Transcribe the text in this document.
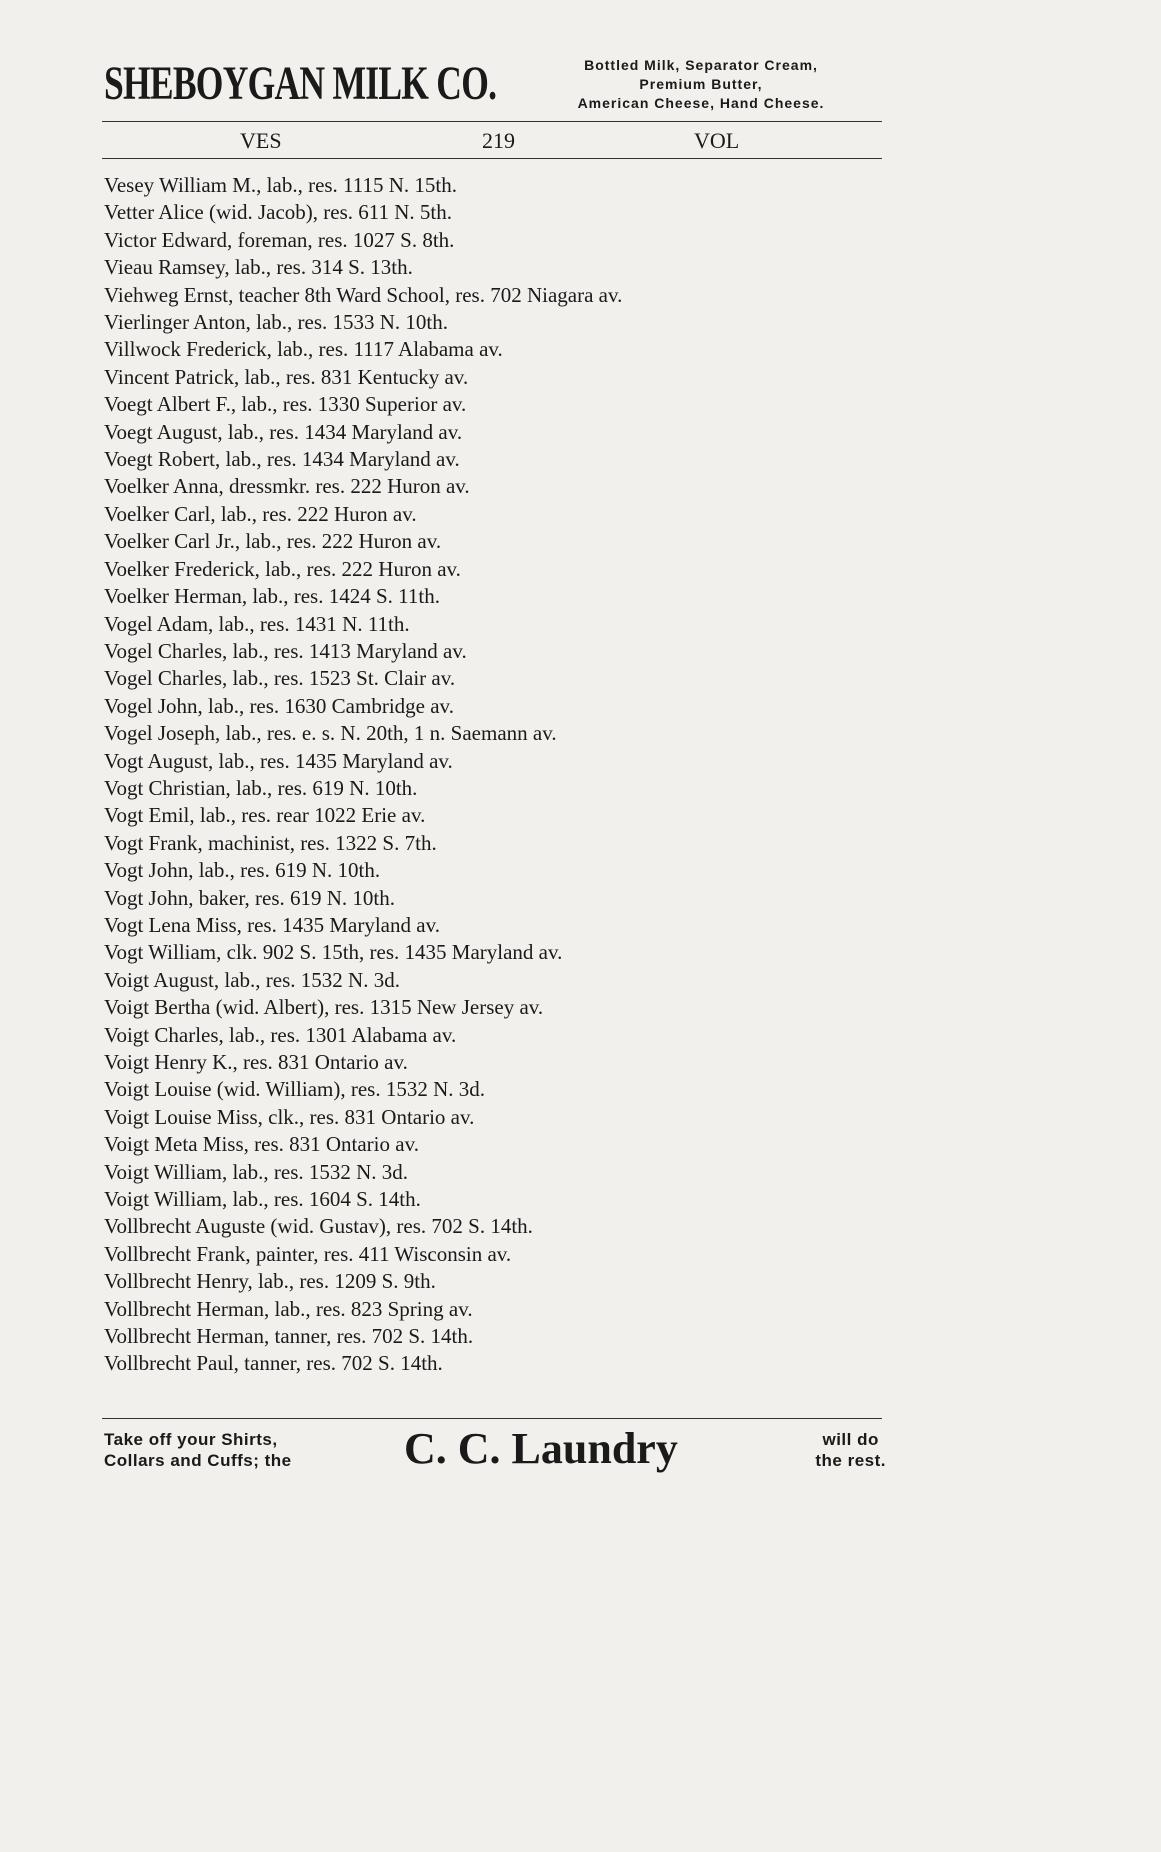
SHEBOYGAN MILK CO.	Bottled Milk, Separator Cream,
Premium Butter,
American Cheese, Hand Cheese.
VES	219	VOL
Vesey William M., lab., res. 1115 N. 15th.
Vetter Alice (wid. Jacob), res. 611 N. 5th.
Victor Edward, foreman, res. 1027 S. 8th.
Vieau Ramsey, lab., res. 314 S. 13th.
Viehweg Ernst, teacher 8th Ward School, res. 702 Niagara av.
Vierlinger Anton, lab., res. 1533 N. 10th.
Villwock Frederick, lab., res. 1117 Alabama av.
Vincent Patrick, lab., res. 831 Kentucky av.
Voegt Albert F., lab., res. 1330 Superior av.
Voegt August, lab., res. 1434 Maryland av.
Voegt Robert, lab., res. 1434 Maryland av.
Voelker Anna, dressmkr. res. 222 Huron av.
Voelker Carl, lab., res. 222 Huron av.
Voelker Carl Jr., lab., res. 222 Huron av.
Voelker Frederick, lab., res. 222 Huron av.
Voelker Herman, lab., res. 1424 S. 11th.
Vogel Adam, lab., res. 1431 N. 11th.
Vogel Charles, lab., res. 1413 Maryland av.
Vogel Charles, lab., res. 1523 St. Clair av.
Vogel John, lab., res. 1630 Cambridge av.
Vogel Joseph, lab., res. e. s. N. 20th, 1 n. Saemann av.
Vogt August, lab., res. 1435 Maryland av.
Vogt Christian, lab., res. 619 N. 10th.
Vogt Emil, lab., res. rear 1022 Erie av.
Vogt Frank, machinist, res. 1322 S. 7th.
Vogt John, lab., res. 619 N. 10th.
Vogt John, baker, res. 619 N. 10th.
Vogt Lena Miss, res. 1435 Maryland av.
Vogt William, clk. 902 S. 15th, res. 1435 Maryland av.
Voigt August, lab., res. 1532 N. 3d.
Voigt Bertha (wid. Albert), res. 1315 New Jersey av.
Voigt Charles, lab., res. 1301 Alabama av.
Voigt Henry K., res. 831 Ontario av.
Voigt Louise (wid. William), res. 1532 N. 3d.
Voigt Louise Miss, clk., res. 831 Ontario av.
Voigt Meta Miss, res. 831 Ontario av.
Voigt William, lab., res. 1532 N. 3d.
Voigt William, lab., res. 1604 S. 14th.
Vollbrecht Auguste (wid. Gustav), res. 702 S. 14th.
Vollbrecht Frank, painter, res. 411 Wisconsin av.
Vollbrecht Henry, lab., res. 1209 S. 9th.
Vollbrecht Herman, lab., res. 823 Spring av.
Vollbrecht Herman, tanner, res. 702 S. 14th.
Vollbrecht Paul, tanner, res. 702 S. 14th.
Take off your Shirts,
Collars and Cuffs; the	C. C. Laundry	will do
the rest.
